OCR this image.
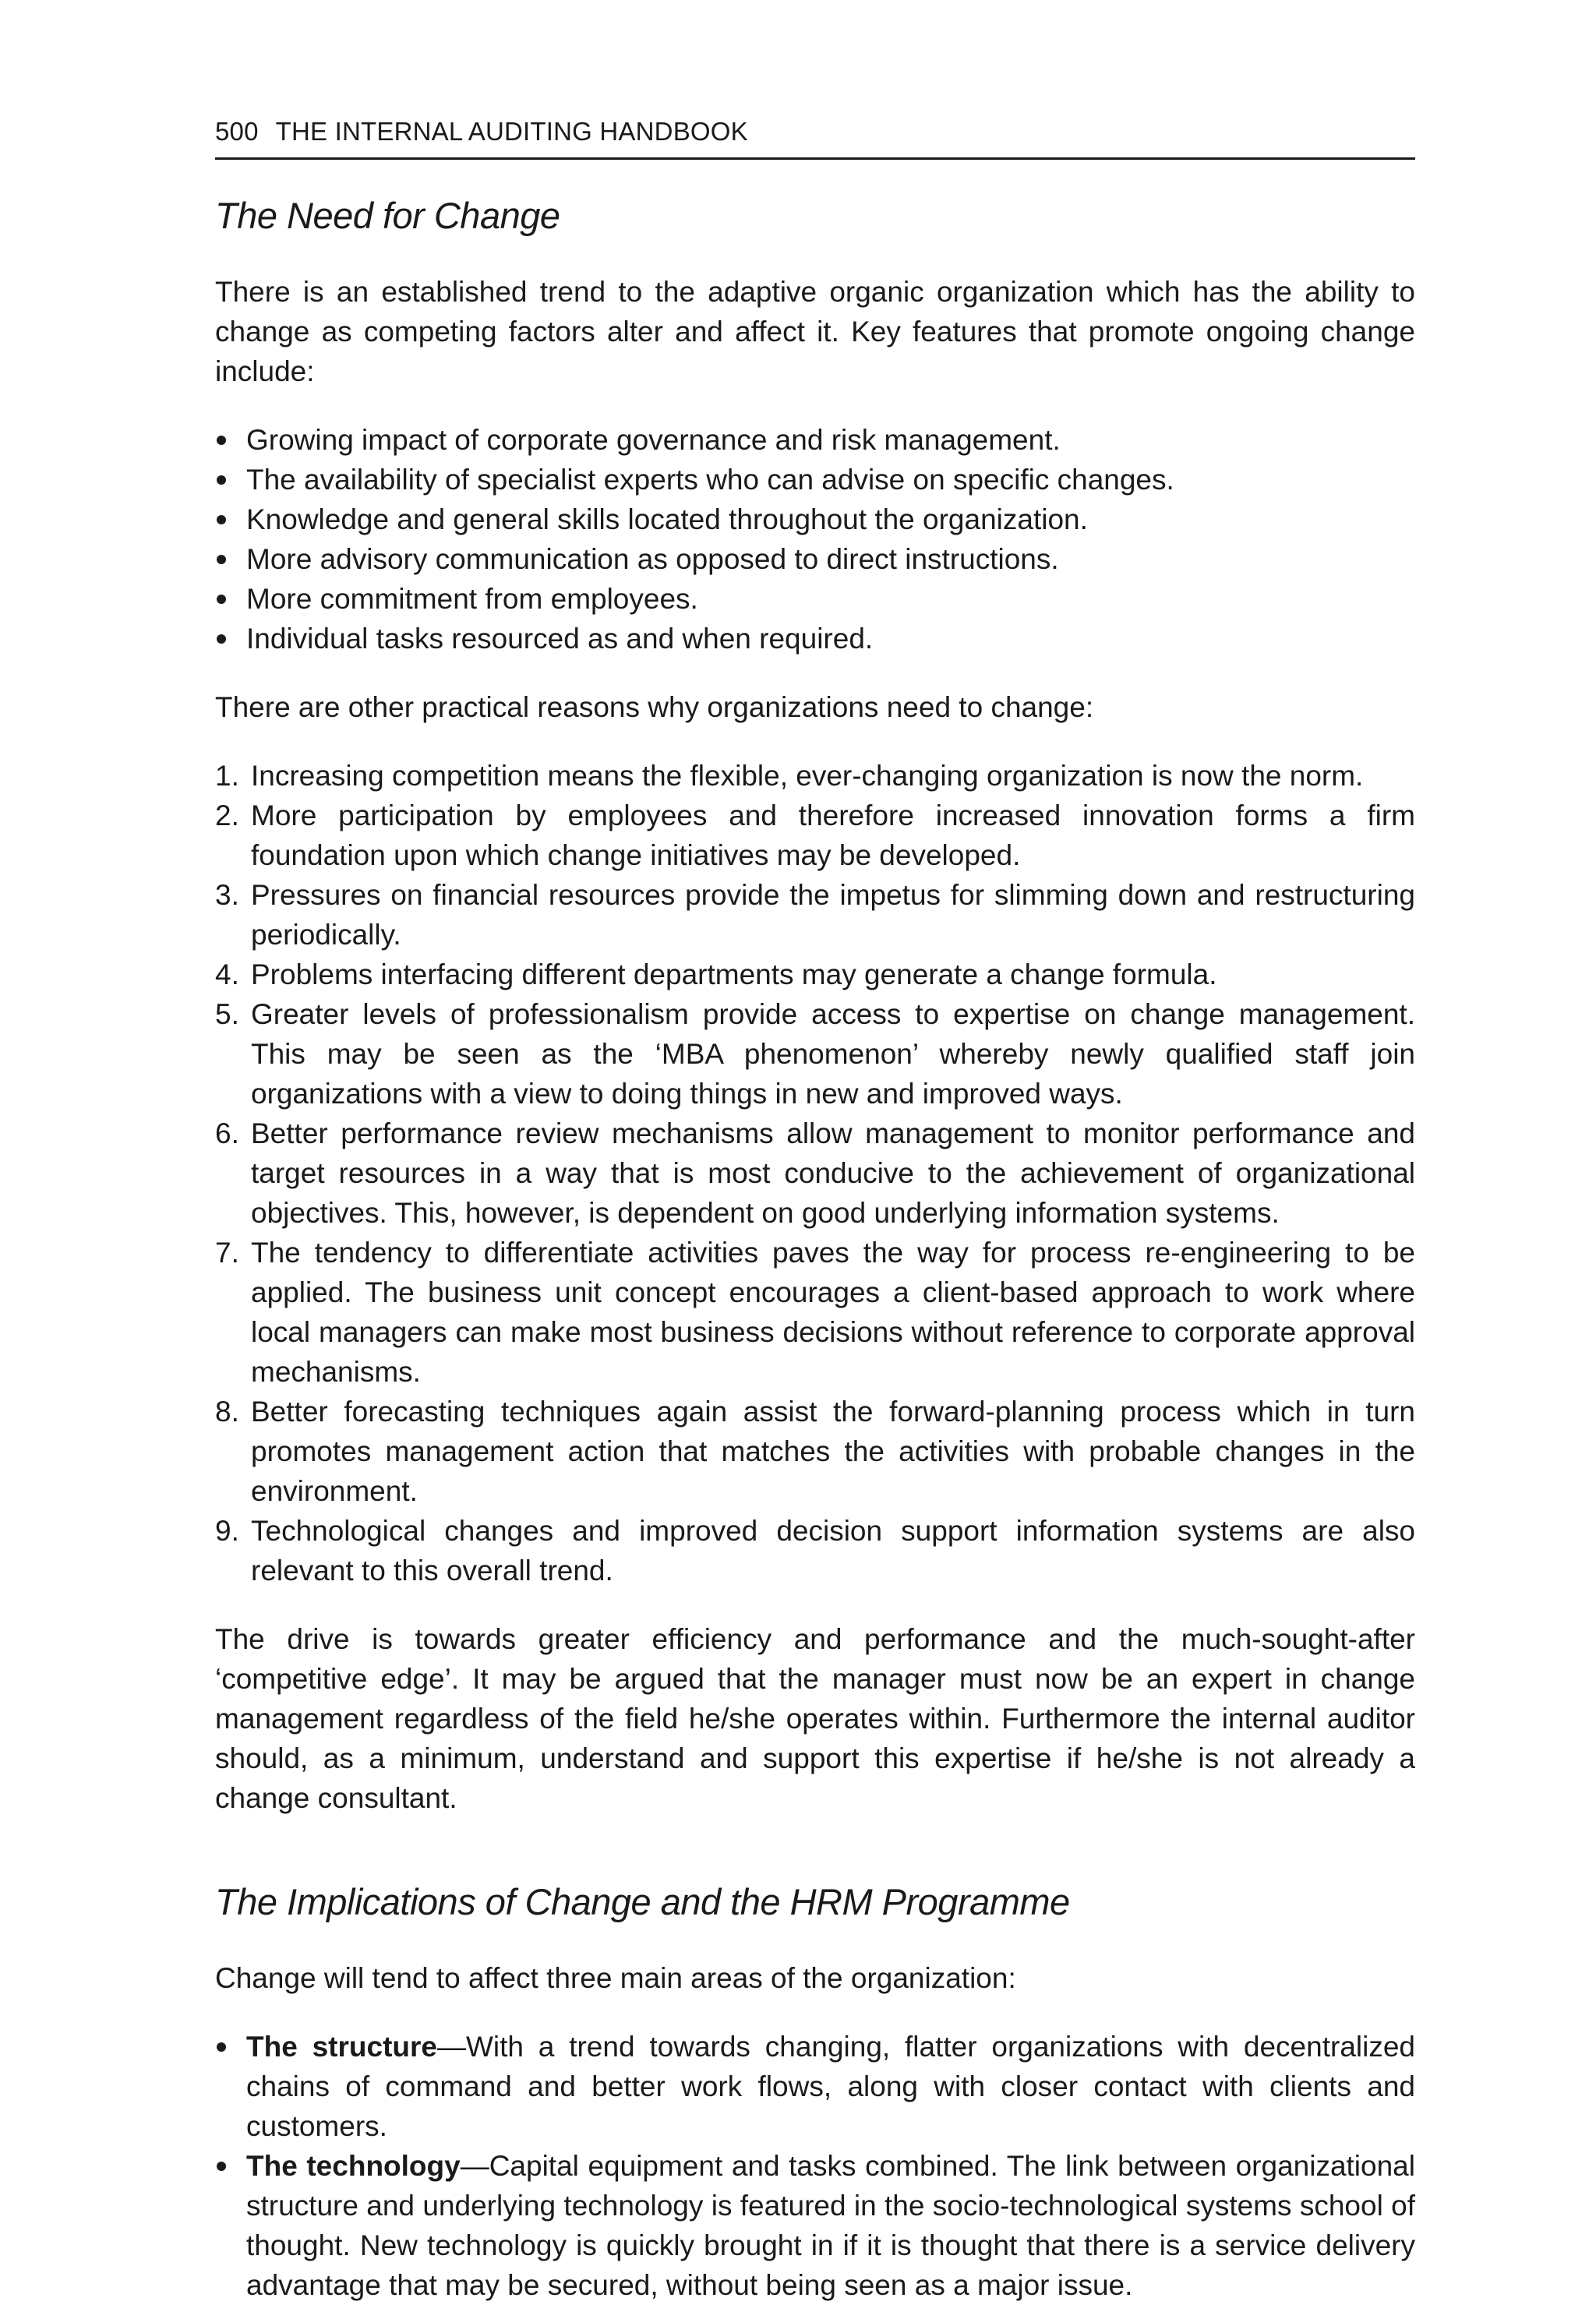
500 THE INTERNAL AUDITING HANDBOOK
The Need for Change

There is an established trend to the adaptive organic organization which has the ability to change as competing factors alter and affect it. Key features that promote ongoing change include:

Growing impact of corporate governance and risk management.
The availability of specialist experts who can advise on specific changes.
Knowledge and general skills located throughout the organization.
More advisory communication as opposed to direct instructions.
More commitment from employees.
Individual tasks resourced as and when required.

There are other practical reasons why organizations need to change:

1. Increasing competition means the flexible, ever-changing organization is now the norm.
2. More participation by employees and therefore increased innovation forms a firm foundation upon which change initiatives may be developed.
3. Pressures on financial resources provide the impetus for slimming down and restructuring periodically.
4. Problems interfacing different departments may generate a change formula.
5. Greater levels of professionalism provide access to expertise on change management. This may be seen as the ‘MBA phenomenon’ whereby newly qualified staff join organizations with a view to doing things in new and improved ways.
6. Better performance review mechanisms allow management to monitor performance and target resources in a way that is most conducive to the achievement of organizational objectives. This, however, is dependent on good underlying information systems.
7. The tendency to differentiate activities paves the way for process re-engineering to be applied. The business unit concept encourages a client-based approach to work where local managers can make most business decisions without reference to corporate approval mechanisms.
8. Better forecasting techniques again assist the forward-planning process which in turn promotes management action that matches the activities with probable changes in the environment.
9. Technological changes and improved decision support information systems are also relevant to this overall trend.

The drive is towards greater efficiency and performance and the much-sought-after ‘competitive edge’. It may be argued that the manager must now be an expert in change management regardless of the field he/she operates within. Furthermore the internal auditor should, as a minimum, understand and support this expertise if he/she is not already a change consultant.

The Implications of Change and the HRM Programme

Change will tend to affect three main areas of the organization:

The structure—With a trend towards changing, flatter organizations with decentralized chains of command and better work flows, along with closer contact with clients and customers.
The technology—Capital equipment and tasks combined. The link between organizational structure and underlying technology is featured in the socio-technological systems school of thought. New technology is quickly brought in if it is thought that there is a service delivery advantage that may be secured, without being seen as a major issue.
